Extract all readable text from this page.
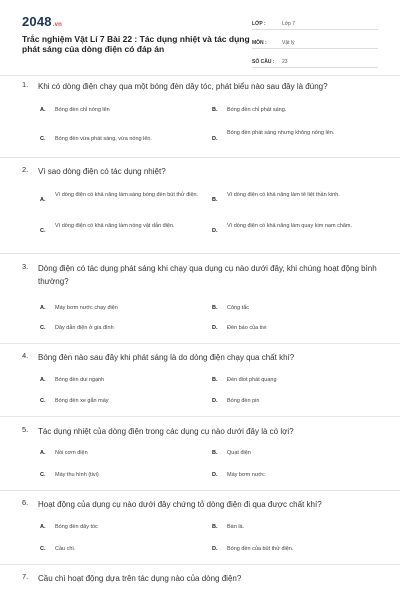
2048.vn
Trắc nghiệm Vật Lí 7 Bài 22 : Tác dụng nhiệt và tác dụng phát sáng của dòng điện có đáp án
LỚP :	Lớp 7
MÔN :	Vật lý
SỐ CÂU :	23
1. Khi có dòng điện chạy qua một bóng đèn dây tóc, phát biểu nào sau đây là đúng?
A. Bóng đèn chỉ nóng lên	B. Bóng đèn chỉ phát sáng.
C. Bóng đèn vừa phát sáng, vừa nóng lên.	D.
Bóng đèn phát sáng nhưng không nóng lên.
2. Vì sao dòng điện có tác dụng nhiệt?
A.
Vì dòng điện có khả năng làm sáng bóng đèn bút thử điện.
B.
Vì dòng điện có khả năng làm tê liệt thần kinh.
C.
Vì dòng điện có khả năng làm nóng vật dẫn điện.
D.
Vì dòng điện có khả năng làm quay kim nam châm.
3. Dòng điện có tác dụng phát sáng khi chạy qua dụng cụ nào dưới đây, khi chúng hoạt động bình thường?
A. Máy bơm nước chạy điện	B. Công tắc
C. Dây dẫn điện ở gia đình	D. Đèn báo của tivi
4. Bóng đèn nào sau đây khi phát sáng là do dòng điện chạy qua chất khí?
A. Bóng đèn dui ngạnh	B. Đèn điot phát quang
C. Bóng đèn xe gắn máy	D. Bóng đèn pin
5. Tác dụng nhiệt của dòng điện trong các dụng cụ nào dưới đây là có lợi?
A. Nồi cơm điện	B. Quạt điện
C. Máy thu hình (tivi)	D. Máy bơm nước
6. Hoạt động của dụng cụ nào dưới đây chứng tỏ dòng điện đi qua được chất khí?
A. Bóng đèn dây tóc	B. Bàn là.
C. Cầu chì.	D. Bóng đèn của bút thử điện.
7. Cầu chì hoạt động dựa trên tác dụng nào của dòng điện?
